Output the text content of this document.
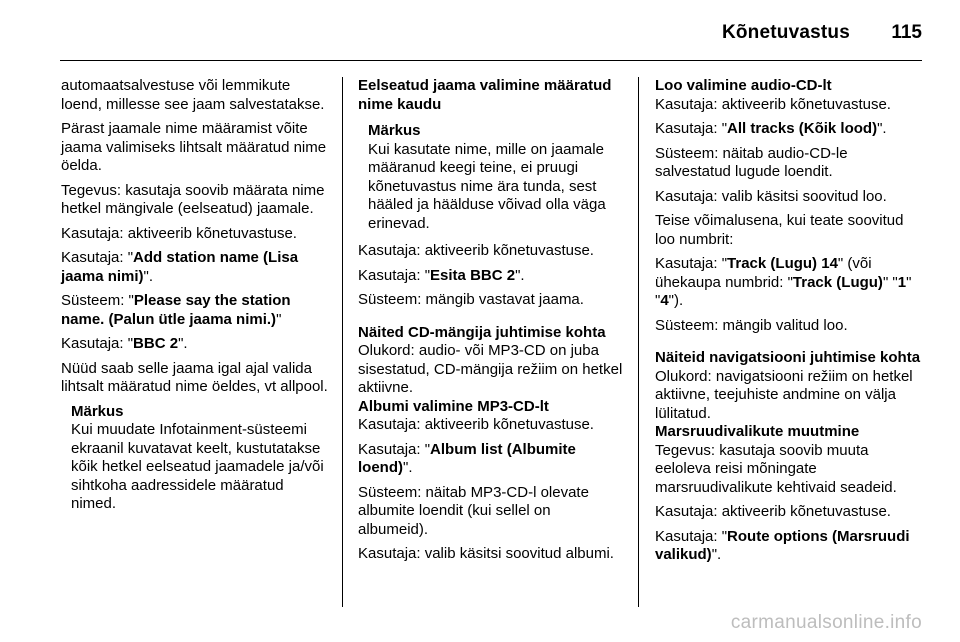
Kõnetuvastus 115

automaatsalvestuse või lemmikute loend, millesse see jaam salvestatakse.

Pärast jaamale nime määramist võite jaama valimiseks lihtsalt määratud nime öelda.

Tegevus: kasutaja soovib määrata nime hetkel mängivale (eelseatud) jaamale.

Kasutaja: aktiveerib kõnetuvastuse.

Kasutaja: "Add station name (Lisa jaama nimi)".

Süsteem: "Please say the station name. (Palun ütle jaama nimi.)"

Kasutaja: "BBC 2".

Nüüd saab selle jaama igal ajal valida lihtsalt määratud nime öeldes, vt allpool.

Märkus
Kui muudate Infotainment-süsteemi ekraanil kuvatavat keelt, kustutatakse kõik hetkel eelseatud jaamadele ja/või sihtkoha aadressidele määratud nimed.

Eelseatud jaama valimine määratud nime kaudu

Märkus
Kui kasutate nime, mille on jaamale määranud keegi teine, ei pruugi kõnetuvastus nime ära tunda, sest hääled ja häälduse võivad olla väga erinevad.

Kasutaja: aktiveerib kõnetuvastuse.

Kasutaja: "Esita BBC 2".

Süsteem: mängib vastavat jaama.

Näited CD-mängija juhtimise kohta

Olukord: audio- või MP3-CD on juba sisestatud, CD-mängija režiim on hetkel aktiivne.

Albumi valimine MP3-CD-lt

Kasutaja: aktiveerib kõnetuvastuse.

Kasutaja: "Album list (Albumite loend)".

Süsteem: näitab MP3-CD-l olevate albumite loendit (kui sellel on albumeid).

Kasutaja: valib käsitsi soovitud albumi.

Loo valimine audio-CD-lt

Kasutaja: aktiveerib kõnetuvastuse.

Kasutaja: "All tracks (Kõik lood)".

Süsteem: näitab audio-CD-le salvestatud lugude loendit.

Kasutaja: valib käsitsi soovitud loo.

Teise võimalusena, kui teate soovitud loo numbrit:

Kasutaja: "Track (Lugu) 14" (või ühekaupa numbrid: "Track (Lugu)" "1" "4").

Süsteem: mängib valitud loo.

Näiteid navigatsiooni juhtimise kohta

Olukord: navigatsiooni režiim on hetkel aktiivne, teejuhiste andmine on välja lülitatud.

Marsruudivalikute muutmine

Tegevus: kasutaja soovib muuta eeloleva reisi mõningate marsruudivalikute kehtivaid seadeid.

Kasutaja: aktiveerib kõnetuvastuse.

Kasutaja: "Route options (Marsruudi valikud)".

carmanualsonline.info
